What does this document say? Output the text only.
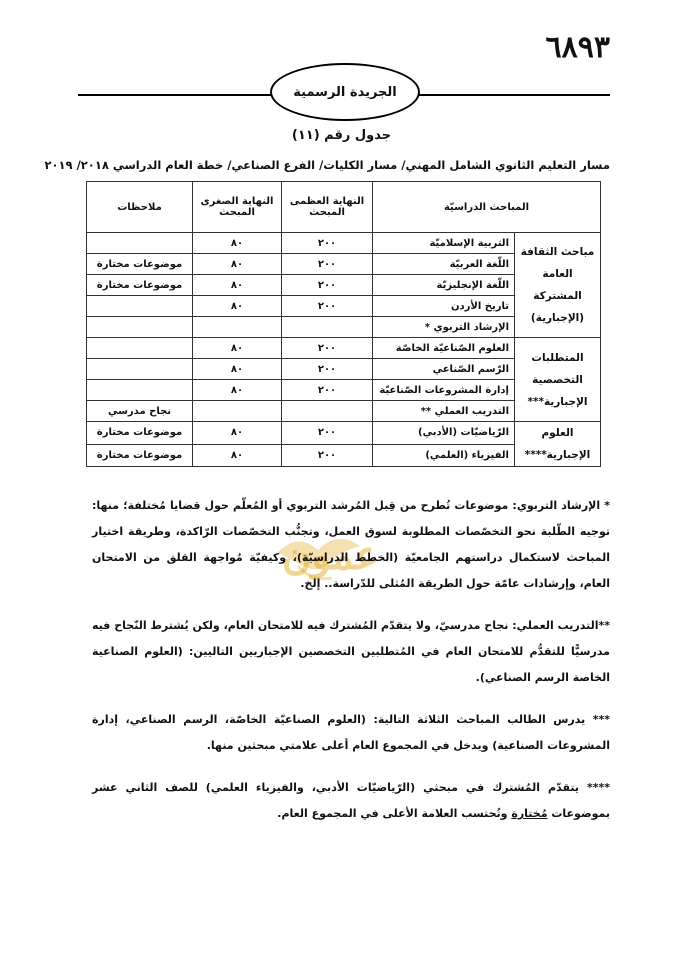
٦٨٩٣
الجريدة الرسمية
جدول رقم (١١)
مسار التعليم الثانوي الشامل المهني/ مسار الكليات/ الفرع الصناعي/ خطة العام الدراسي ٢٠١٨/ ٢٠١٩
المباحث الدراسيّة		النهاية العظمى المبحث	النهاية الصغرى المبحث	ملاحظات
مباحث الثقافة العامة المشتركة (الإجبارية)	التربية الإسلاميّة	٢٠٠	٨٠	
	اللّغة العربيّة	٢٠٠	٨٠	موضوعات مختارة
	اللّغة الإنجليزيّة	٢٠٠	٨٠	موضوعات مختارة
	تاريخ الأردن	٢٠٠	٨٠	
	الإرشاد التربوي *			
المتطلبات التخصصية الإجبارية***	العلوم الصّناعيّة الخاصّة	٢٠٠	٨٠	
	الرّسم الصّناعي	٢٠٠	٨٠	
	إدارة المشروعات الصّناعيّة	٢٠٠	٨٠	
	التدريب العملي **			نجاح مدرسي
العلوم الإجبارية****	الرّياضيّات (الأدبي)	٢٠٠	٨٠	موضوعات مختارة
	الفيزياء (العلمي)	٢٠٠	٨٠	موضوعات مختارة
عمون

* الإرشاد التربوي: موضوعات تُطرح من قِبل المُرشد التربوي أو المُعلّم حول قضايا مُختلفة؛ منها: توجيه الطّلبة نحو التخصّصات المطلوبة لسوق العمل، وتجنُّب التخصّصات الرّاكدة، وطريقة اختيار المباحث لاستكمال دراستهم الجامعيّة (الخطط الدراسيّة)، وكيفيّة مُواجهة القلق من الامتحان العام، وإرشادات عامّة حول الطريقة المُثلى للدّراسة.. إلخ.

**التدريب العملي: نجاح مدرسيّ، ولا يتقدّم المُشترك فيه للامتحان العام، ولكن يُشترط النّجاح فيه مدرسيًّا للتقدُّم للامتحان العام في المُتطلبين التخصصين الإجباريين التاليين: (العلوم الصناعية الخاصة الرسم الصناعي).

*** يدرس الطالب المباحث الثلاثة التالية: (العلوم الصناعيّة الخاصّة، الرسم الصناعي، إدارة المشروعات الصناعية) ويدخل في المجموع العام أعلى علامتي مبحثين منها.

**** يتقدّم المُشترك في مبحثي (الرّياضيّات الأدبي، والفيزياء العلمي) للصف الثاني عشر بموضوعات مُختارة وتُحتسب العلامة الأعلى في المجموع العام.
